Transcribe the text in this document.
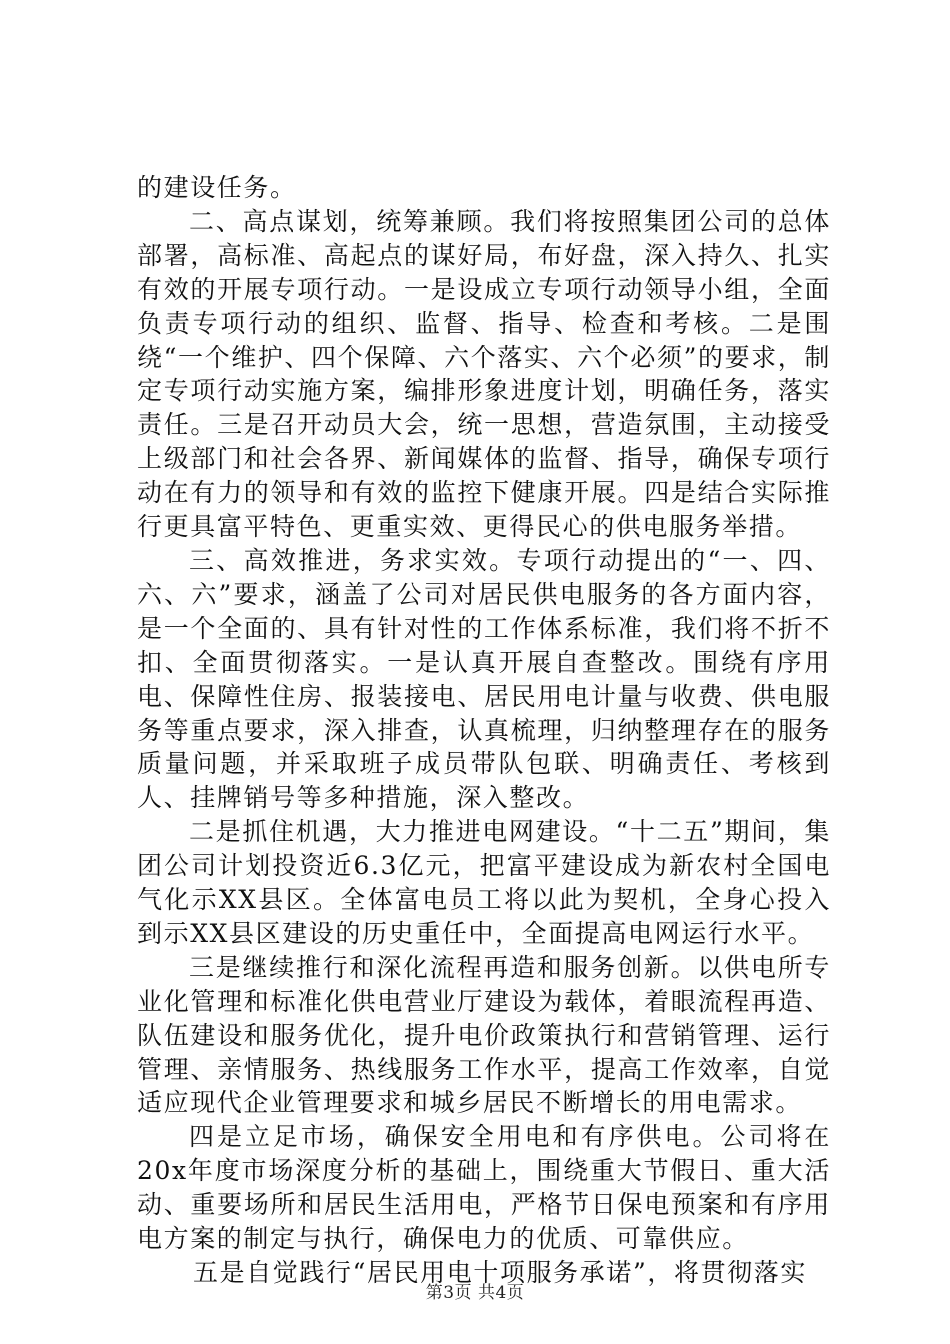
的建设任务。

二、高点谋划，统筹兼顾。我们将按照集团公司的总体部署，高标准、高起点的谋好局，布好盘，深入持久、扎实有效的开展专项行动。一是设成立专项行动领导小组，全面负责专项行动的组织、监督、指导、检查和考核。二是围绕“一个维护、四个保障、六个落实、六个必须”的要求，制定专项行动实施方案，编排形象进度计划，明确任务，落实责任。三是召开动员大会，统一思想，营造氛围，主动接受上级部门和社会各界、新闻媒体的监督、指导，确保专项行动在有力的领导和有效的监控下健康开展。四是结合实际推行更具富平特色、更重实效、更得民心的供电服务举措。

三、高效推进，务求实效。专项行动提出的“一、四、六、六”要求，涵盖了公司对居民供电服务的各方面内容，是一个全面的、具有针对性的工作体系标准，我们将不折不扣、全面贯彻落实。一是认真开展自查整改。围绕有序用电、保障性住房、报装接电、居民用电计量与收费、供电服务等重点要求，深入排查，认真梳理，归纳整理存在的服务质量问题，并采取班子成员带队包联、明确责任、考核到人、挂牌销号等多种措施，深入整改。

二是抓住机遇，大力推进电网建设。“十二五”期间，集团公司计划投资近6.3亿元，把富平建设成为新农村全国电气化示XX县区。全体富电员工将以此为契机，全身心投入到示XX县区建设的历史重任中，全面提高电网运行水平。

三是继续推行和深化流程再造和服务创新。以供电所专业化管理和标准化供电营业厅建设为载体，着眼流程再造、队伍建设和服务优化，提升电价政策执行和营销管理、运行管理、亲情服务、热线服务工作水平，提高工作效率，自觉适应现代企业管理要求和城乡居民不断增长的用电需求。

四是立足市场，确保安全用电和有序供电。公司将在20x年度市场深度分析的基础上，围绕重大节假日、重大活动、重要场所和居民生活用电，严格节日保电预案和有序用电方案的制定与执行，确保电力的优质、可靠供应。

五是自觉践行“居民用电十项服务承诺”，将贯彻落实

第3页 共4页
